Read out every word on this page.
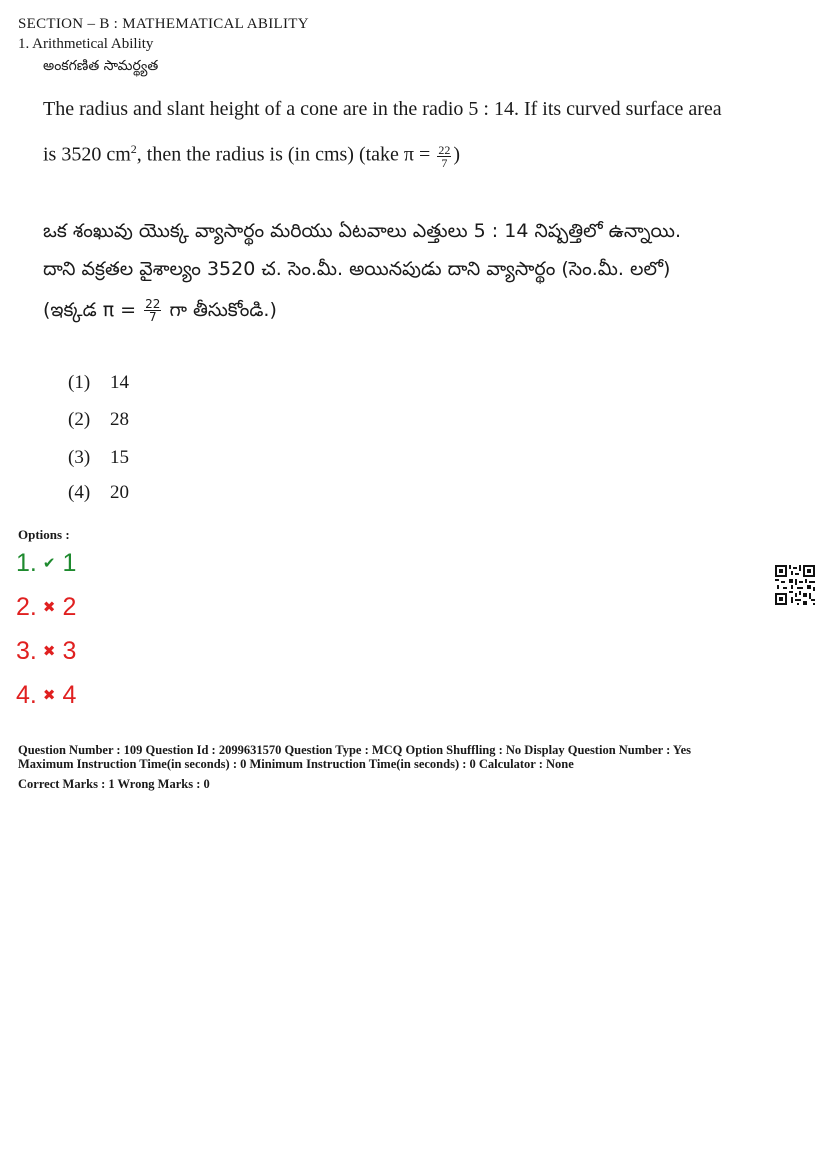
SECTION – B : MATHEMATICAL ABILITY
1. Arithmetical Ability
అంకగణిత సామర్థ్యత
The radius and slant height of a cone are in the radio 5 : 14. If its curved surface area
is 3520 $cm^2$, then the radius is (in cms) (take $\pi = \frac{22}{7}$ )
ఒక శంఖువు యొక్క వ్యాసార్థం మరియు ఏటవాలు ఎత్తులు 5 : 14 నిష్పత్తిలో ఉన్నాయి.
దాని వక్రతల వైశాల్యం 3520 చ. సెం.మీ. అయినపుడు దాని వ్యాసార్థం (సెం.మీ. లలో)
(ఇక్కడ $\pi = \frac{22}{7}$ గా తీసుకోండి.)
(1) 14
(2) 28
(3) 15
(4) 20
Options :
1. ✔ 1
2. ✖ 2
3. ✖ 3
4. ✖ 4
Question Number : 109 Question Id : 2099631570 Question Type : MCQ Option Shuffling : No Display Question Number : Yes
Maximum Instruction Time(in seconds) : 0 Minimum Instruction Time(in seconds) : 0 Calculator : None
Correct Marks : 1 Wrong Marks : 0
